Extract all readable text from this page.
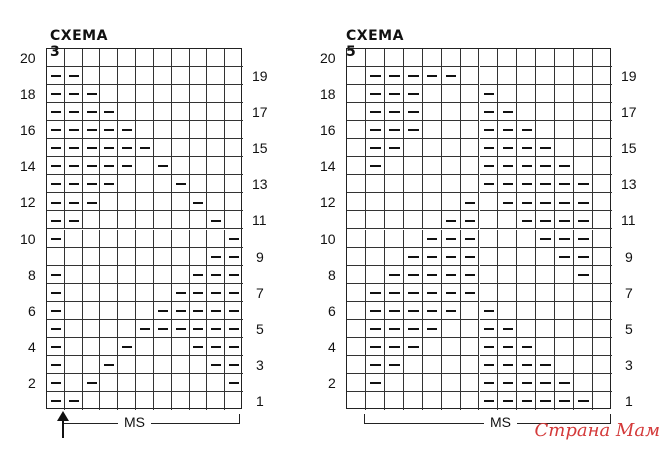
СХЕМА 3
MS
20
18
16
14
12
10
8
6
4
2
19
17
15
13
11
9
7
5
3
1
СХЕМА 5
MS
20
18
16
14
12
10
8
6
4
2
19
17
15
13
11
9
7
5
3
1
Страна Мам
